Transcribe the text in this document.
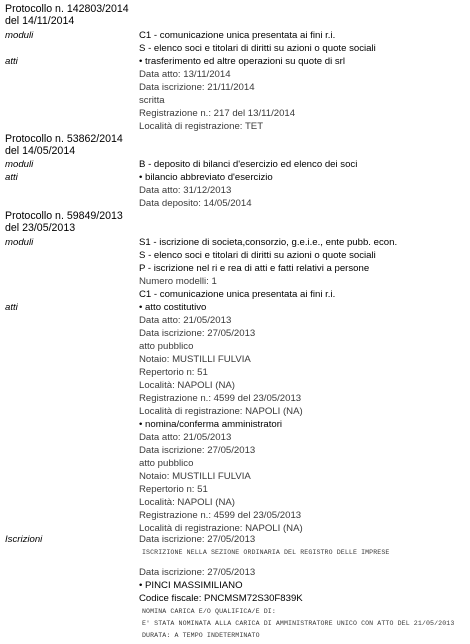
Protocollo n. 142803/2014
del 14/11/2014
moduli	C1 - comunicazione unica presentata ai fini r.i.
S - elenco soci e titolari di diritti su azioni o quote sociali
atti	• trasferimento ed altre operazioni su quote di srl
Data atto: 13/11/2014
Data iscrizione: 21/11/2014
scritta
Registrazione n.: 217 del 13/11/2014
Località di registrazione: TET
Protocollo n. 53862/2014
del 14/05/2014
moduli	B - deposito di bilanci d'esercizio ed elenco dei soci
atti	• bilancio abbreviato d'esercizio
Data atto: 31/12/2013
Data deposito: 14/05/2014
Protocollo n. 59849/2013
del 23/05/2013
moduli	S1 - iscrizione di societa,consorzio, g.e.i.e., ente pubb. econ.
S - elenco soci e titolari di diritti su azioni o quote sociali
P - iscrizione nel ri e rea di atti e fatti relativi a persone
Numero modelli: 1
C1 - comunicazione unica presentata ai fini r.i.
atti	• atto costitutivo
Data atto: 21/05/2013
Data iscrizione: 27/05/2013
atto pubblico
Notaio: MUSTILLI FULVIA
Repertorio n: 51
Località: NAPOLI (NA)
Registrazione n.: 4599 del 23/05/2013
Località di registrazione: NAPOLI (NA)
• nomina/conferma amministratori
Data atto: 21/05/2013
Data iscrizione: 27/05/2013
atto pubblico
Notaio: MUSTILLI FULVIA
Repertorio n: 51
Località: NAPOLI (NA)
Registrazione n.: 4599 del 23/05/2013
Località di registrazione: NAPOLI (NA)
Iscrizioni	Data iscrizione: 27/05/2013
ISCRIZIONE NELLA SEZIONE ORDINARIA DEL REGISTRO DELLE IMPRESE
Data iscrizione: 27/05/2013
• PINCI MASSIMILIANO
Codice fiscale: PNCMSM72S30F839K
NOMINA CARICA E/O QUALIFICA/E DI:
E' STATA NOMINATA ALLA CARICA DI AMMINISTRATORE UNICO CON ATTO DEL 21/05/2013
DURATA: A TEMPO INDETERMINATO
